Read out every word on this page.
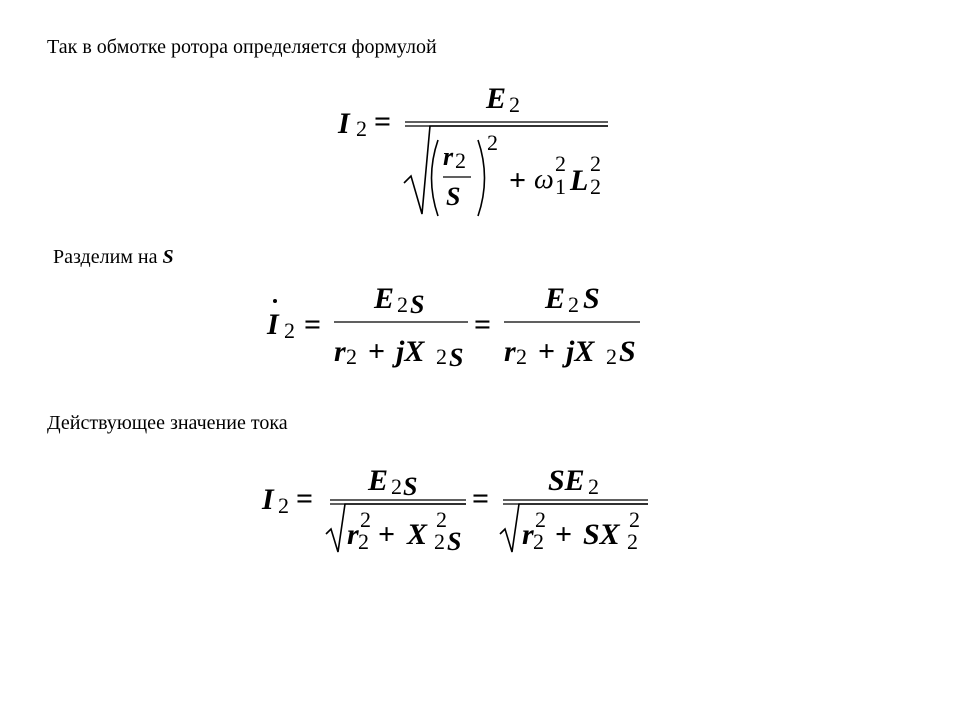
Так в обмотке ротора определяется формулой
Разделим на S
Действующее значение тока
I 2 =
E 2
r 2
S
2
+ ω
2
1 L
2
2
I 2 =
E 2 S
r 2 + jX 2 S
=
E 2 S
r 2 + jX 2 S
I 2 =
E 2 S
r 2
2 + X 2
2 S
=
SE 2
r 2
2 + SX 2
2
